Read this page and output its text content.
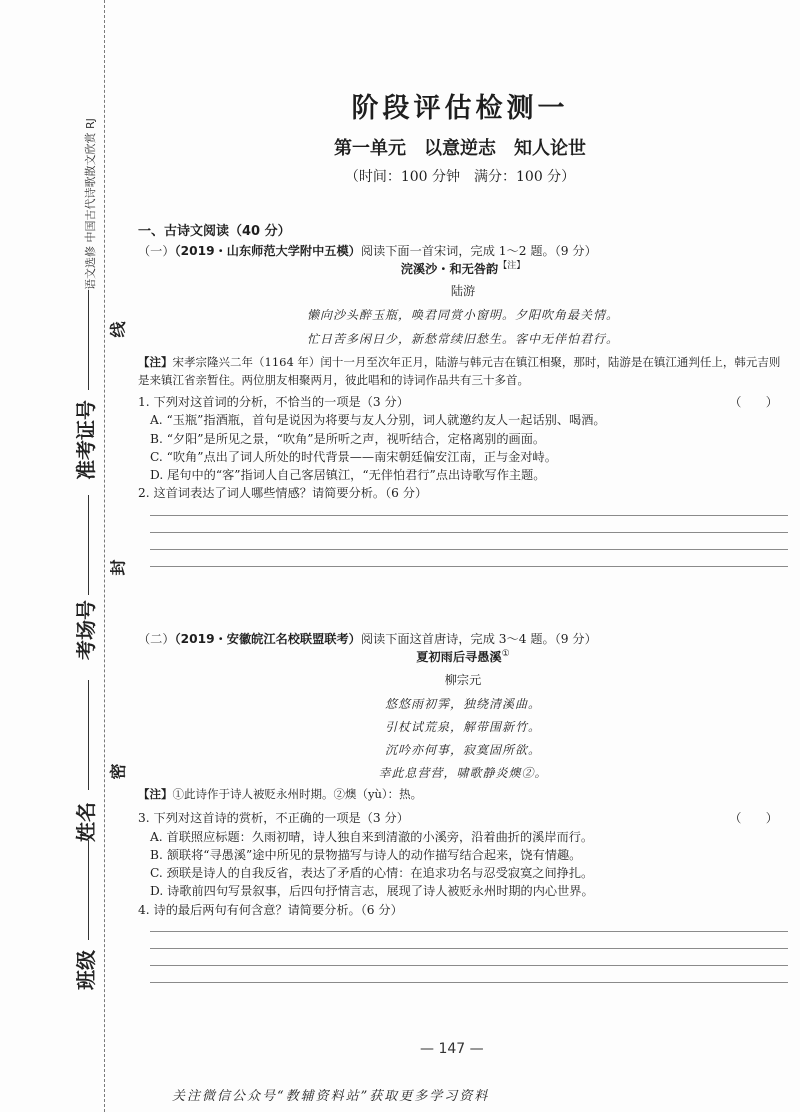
语文选修 中国古代诗歌散文欣赏 RJ
班级
姓名
考场号
准考证号
线
封
密
阶段评估检测一
第一单元　以意逆志　知人论世
（时间：100 分钟　满分：100 分）
一、古诗文阅读（40 分）
（一）（2019・山东师范大学附中五模）阅读下面一首宋词，完成 1～2 题。（9 分）
浣溪沙・和无咎韵$^{【注】}$
陆游
懒向沙头醉玉瓶，唤君同赏小窗明。夕阳吹角最关情。
忙日苦多闲日少，新愁常续旧愁生。客中无伴怕君行。
【注】宋孝宗隆兴二年（1164 年）闰十一月至次年正月，陆游与韩元吉在镇江相聚，那时，陆游是在镇江通判任上，韩元吉则是来镇江省亲暂住。两位朋友相聚两月，彼此唱和的诗词作品共有三十多首。
1. 下列对这首词的分析，不恰当的一项是（3 分）	（　　）
A. “玉瓶”指酒瓶，首句是说因为将要与友人分别，词人就邀约友人一起话别、喝酒。
B. “夕阳”是所见之景，“吹角”是所听之声，视听结合，定格离别的画面。
C. “吹角”点出了词人所处的时代背景——南宋朝廷偏安江南，正与金对峙。
D. 尾句中的“客”指词人自己客居镇江，“无伴怕君行”点出诗歌写作主题。
2. 这首词表达了词人哪些情感？请简要分析。（6 分）
（二）（2019・安徽皖江名校联盟联考）阅读下面这首唐诗，完成 3～4 题。（9 分）
夏初雨后寻愚溪①
柳宗元
悠悠雨初霁，独绕清溪曲。
引杖试荒泉，解带围新竹。
沉吟亦何事，寂寞固所欲。
幸此息营营，啸歌静炎燠②。
【注】①此诗作于诗人被贬永州时期。②燠（yù）：热。
3. 下列对这首诗的赏析，不正确的一项是（3 分）	（　　）
A. 首联照应标题：久雨初晴，诗人独自来到清澈的小溪旁，沿着曲折的溪岸而行。
B. 颔联将“寻愚溪”途中所见的景物描写与诗人的动作描写结合起来，饶有情趣。
C. 颈联是诗人的自我反省，表达了矛盾的心情：在追求功名与忍受寂寞之间挣扎。
D. 诗歌前四句写景叙事，后四句抒情言志，展现了诗人被贬永州时期的内心世界。
4. 诗的最后两句有何含意？请简要分析。（6 分）
— 147 —
关注微信公众号“教辅资料站”获取更多学习资料
